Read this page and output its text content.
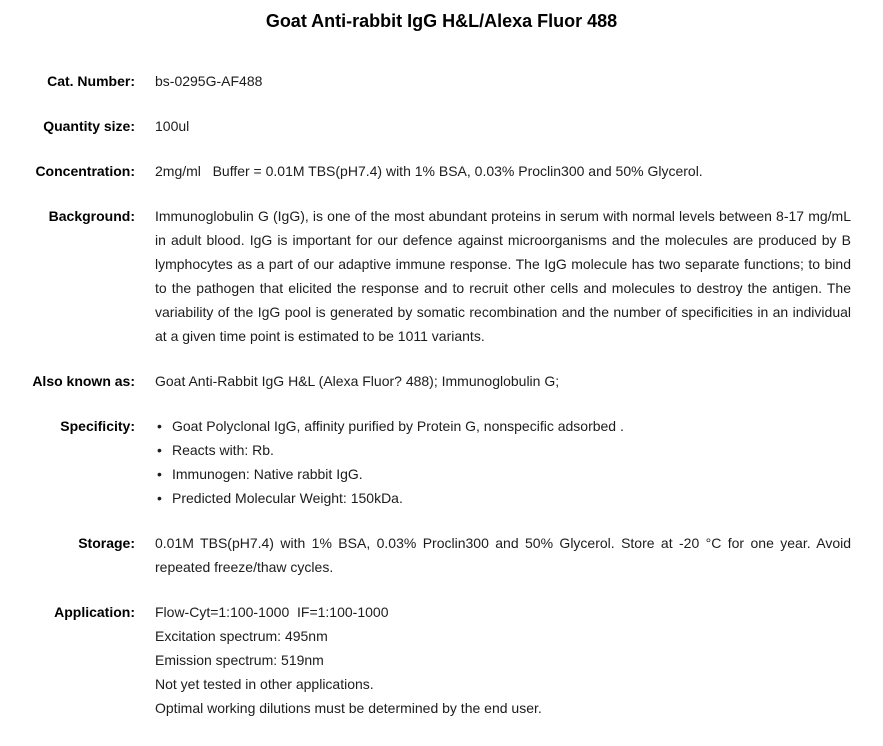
Goat Anti-rabbit IgG H&L/Alexa Fluor 488
Cat. Number: bs-0295G-AF488
Quantity size: 100ul
Concentration: 2mg/ml   Buffer = 0.01M TBS(pH7.4) with 1% BSA, 0.03% Proclin300 and 50% Glycerol.
Background: Immunoglobulin G (IgG), is one of the most abundant proteins in serum with normal levels between 8-17 mg/mL in adult blood. IgG is important for our defence against microorganisms and the molecules are produced by B lymphocytes as a part of our adaptive immune response. The IgG molecule has two separate functions; to bind to the pathogen that elicited the response and to recruit other cells and molecules to destroy the antigen. The variability of the IgG pool is generated by somatic recombination and the number of specificities in an individual at a given time point is estimated to be 1011 variants.
Also known as: Goat Anti-Rabbit IgG H&L (Alexa Fluor? 488); Immunoglobulin G;
Specificity: • Goat Polyclonal IgG, affinity purified by Protein G, nonspecific adsorbed .
• Reacts with: Rb.
• Immunogen: Native rabbit IgG.
• Predicted Molecular Weight: 150kDa.
Storage: 0.01M TBS(pH7.4) with 1% BSA, 0.03% Proclin300 and 50% Glycerol. Store at -20 °C for one year. Avoid repeated freeze/thaw cycles.
Application: Flow-Cyt=1:100-1000  IF=1:100-1000
Excitation spectrum: 495nm
Emission spectrum: 519nm
Not yet tested in other applications.
Optimal working dilutions must be determined by the end user.
